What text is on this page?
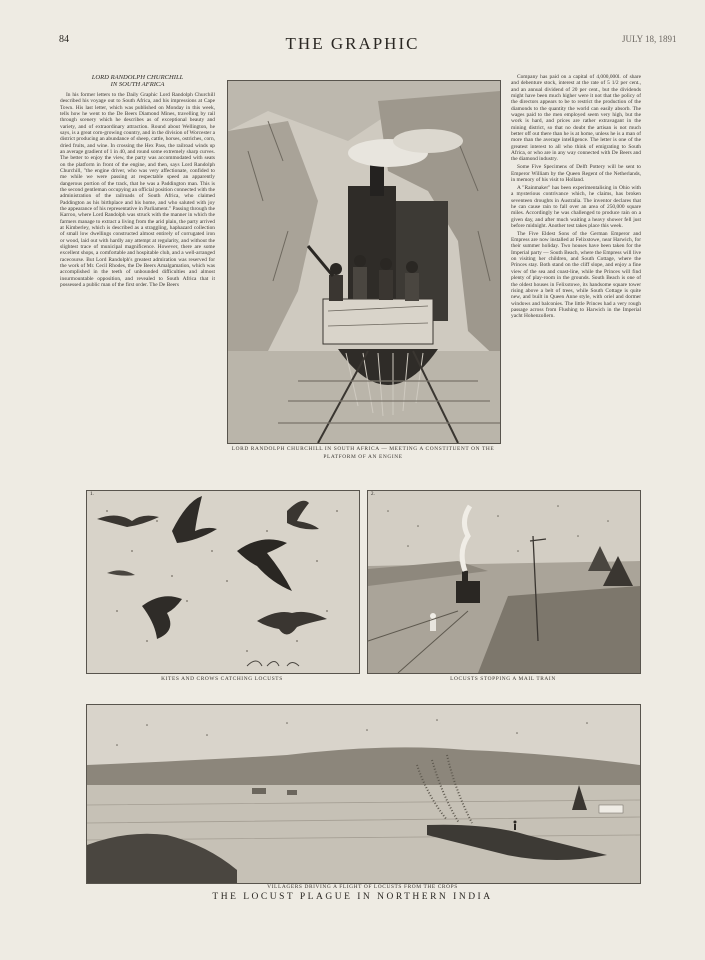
84	THE GRAPHIC	JULY 18, 1891
LORD RANDOLPH CHURCHILL
IN SOUTH AFRICA

In his former letters to the Daily Graphic Lord Randolph Churchill described his voyage out to South Africa, and his impressions at Cape Town. His last letter, which was published on Monday in this week, tells how he went to the De Beers Diamond Mines, travelling by rail through scenery which he describes as of exceptional beauty and variety, and of extraordinary attraction. Round about Wellington, he says, is a great corn-growing country, and in the division of Worcester a district producing an abundance of sheep, cattle, horses, ostriches, corn, dried fruits, and wine. In crossing the Hex Pass, the railroad winds up an average gradient of 1 in 40, and round some extremely sharp curves. The better to enjoy the view, the party was accommodated with seats on the platform in front of the engine, and then, says Lord Randolph Churchill, "the engine driver, who was very affectionate, confided to me while we were passing at respectable speed an apparently dangerous portion of the track, that he was a Paddington man. This is the second gentleman occupying an official position connected with the administration of the railroads of South Africa, who claimed Paddington as his birthplace and his home, and who saluted with joy the appearance of his representative in Parliament." Passing through the Karroo, where Lord Randolph was struck with the manner in which the farmers manage to extract a living from the arid plain, the party arrived at Kimberley, which is described as a straggling, haphazard collection of small low dwellings constructed almost entirely of corrugated iron or wood, laid out with hardly any attempt at regularity, and without the slightest trace of municipal magnificence. However, there are some excellent shops, a comfortable and hospitable club, and a well-arranged racecourse. But Lord Randolph's greatest admiration was reserved for the work of Mr. Cecil Rhodes, the De Beers Amalgamation, which was accomplished in the teeth of unbounded difficulties and almost insurmountable opposition, and revealed to South Africa that it possessed a public man of the first order. The De Beers

Company has paid on a capital of 4,000,000l. of share and debenture stock, interest at the rate of 5 1/2 per cent., and an annual dividend of 20 per cent., but the dividends might have been much higher were it not that the policy of the directors appears to be to restrict the production of the diamonds to the quantity the world can easily absorb. The wages paid to the men employed seem very high, but the work is hard, and prices are rather extravagant in the mining district, so that no doubt the artisan is not much better off out there than he is at home, unless he is a man of more than the average intelligence. The letter is one of the greatest interest to all who think of emigrating to South Africa, or who are in any way connected with De Beers and the diamond industry.

Some Five Specimens of Delft Pottery will be sent to Emperor William by the Queen Regent of the Netherlands, in memory of his visit to Holland.

A "Rainmaker" has been experimentalising in Ohio with a mysterious contrivance which, he claims, has broken seventeen droughts in Australia. The inventor declares that he can cause rain to fall over an area of 250,000 square miles. Accordingly he was challenged to produce rain on a given day, and after much waiting a heavy shower fell just before midnight. Another test takes place this week.

The Five Eldest Sons of the German Emperor and Empress are now installed at Felixstowe, near Harwich, for their summer holiday. Two houses have been taken for the Imperial party — South Beach, where the Empress will live on visiting her children, and South Cottage, where the Princes stay. Both stand on the cliff slope, and enjoy a fine view of the sea and coast-line, while the Princes will find plenty of play-room in the grounds. South Beach is one of the oldest houses in Felixstowe, its handsome square tower rising above a belt of trees, while South Cottage is quite new, and built in Queen Anne style, with oriel and dormer windows and balconies. The little Princes had a very rough passage across from Flushing to Harwich in the Imperial yacht Hohenzollern.

LORD RANDOLPH CHURCHILL IN SOUTH AFRICA — MEETING A CONSTITUENT ON THE
PLATFORM OF AN ENGINE
1.
KITES AND CROWS CATCHING LOCUSTS
2.
LOCUSTS STOPPING A MAIL TRAIN
VILLAGERS DRIVING A FLIGHT OF LOCUSTS FROM THE CROPS
THE LOCUST PLAGUE IN NORTHERN INDIA
